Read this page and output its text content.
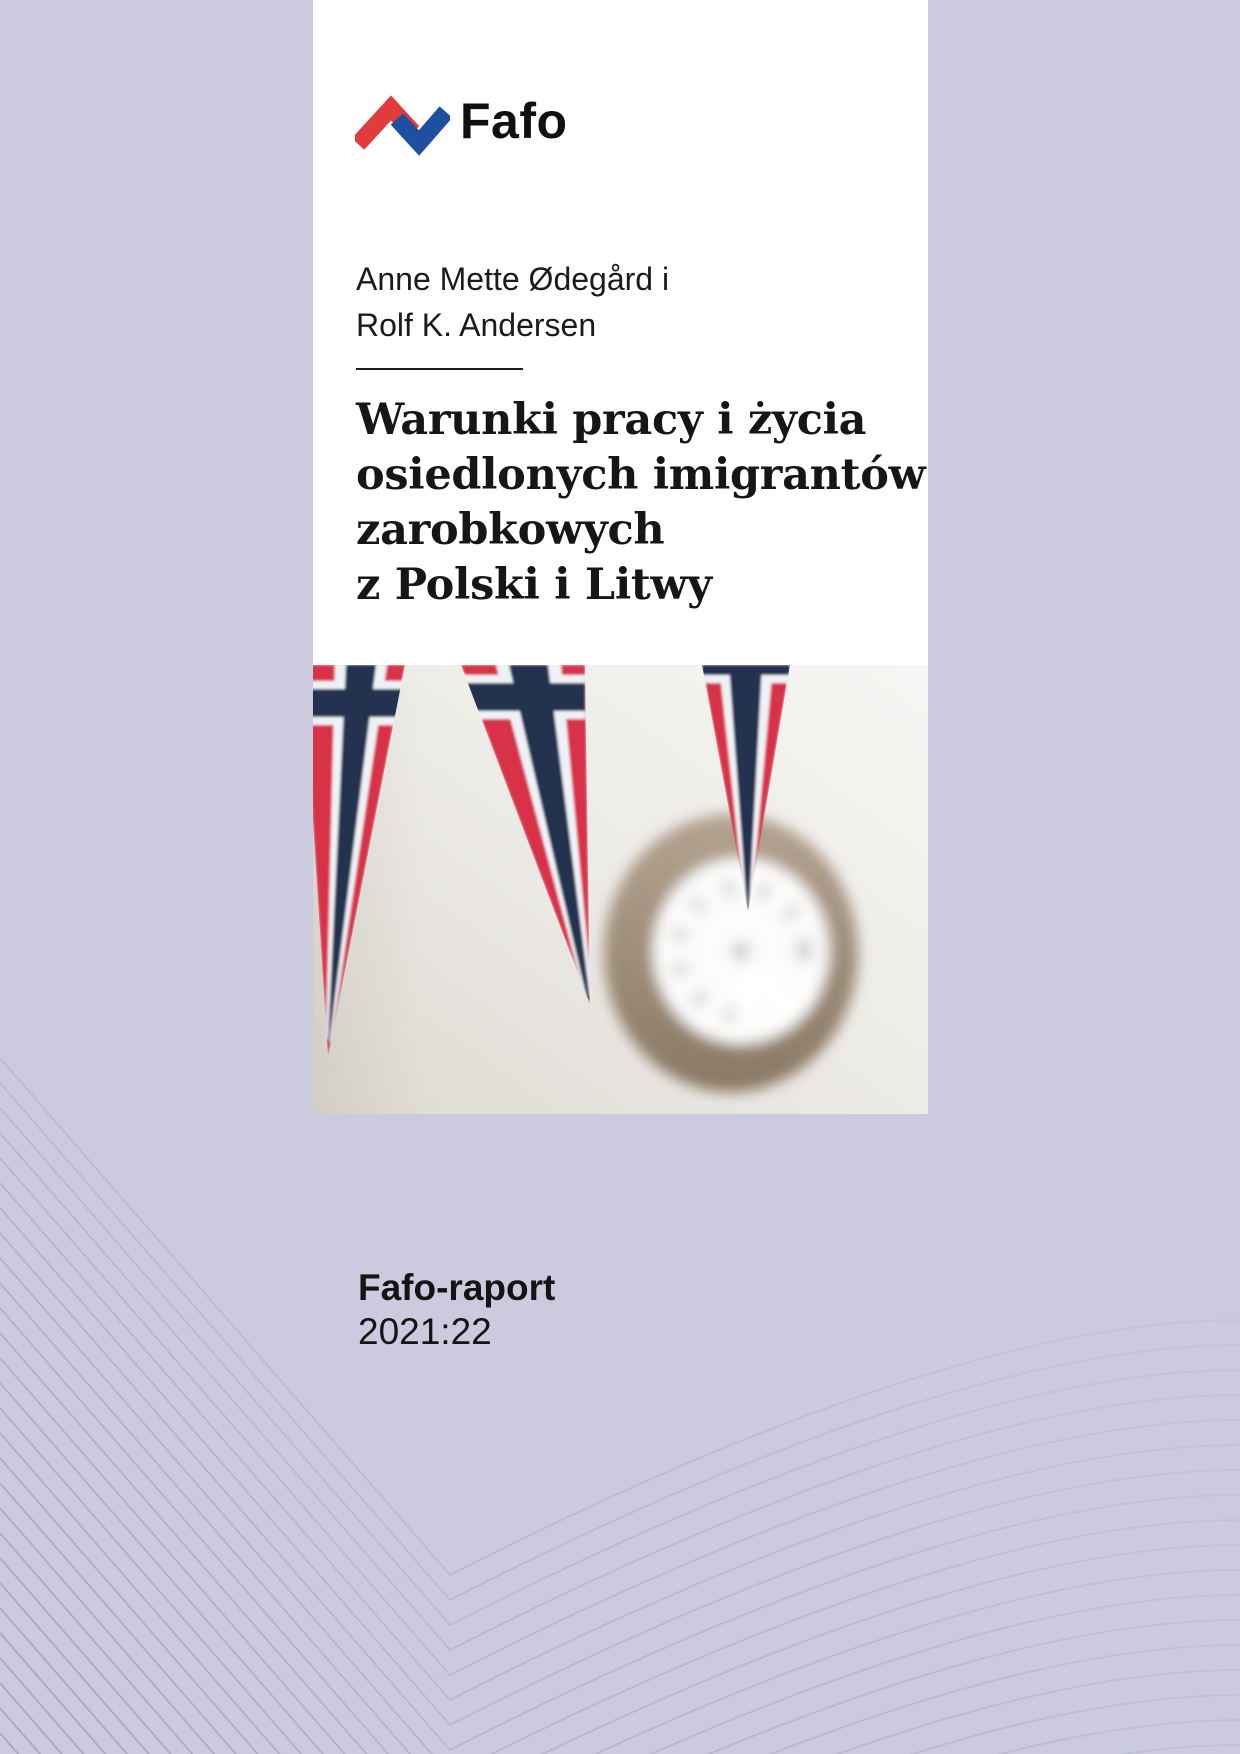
Fafo
Anne Mette Ødegård i
Rolf K. Andersen
Warunki pracy i życia
osiedlonych imigrantów
zarobkowych
z Polski i Litwy
Fafo-raport
2021:22
